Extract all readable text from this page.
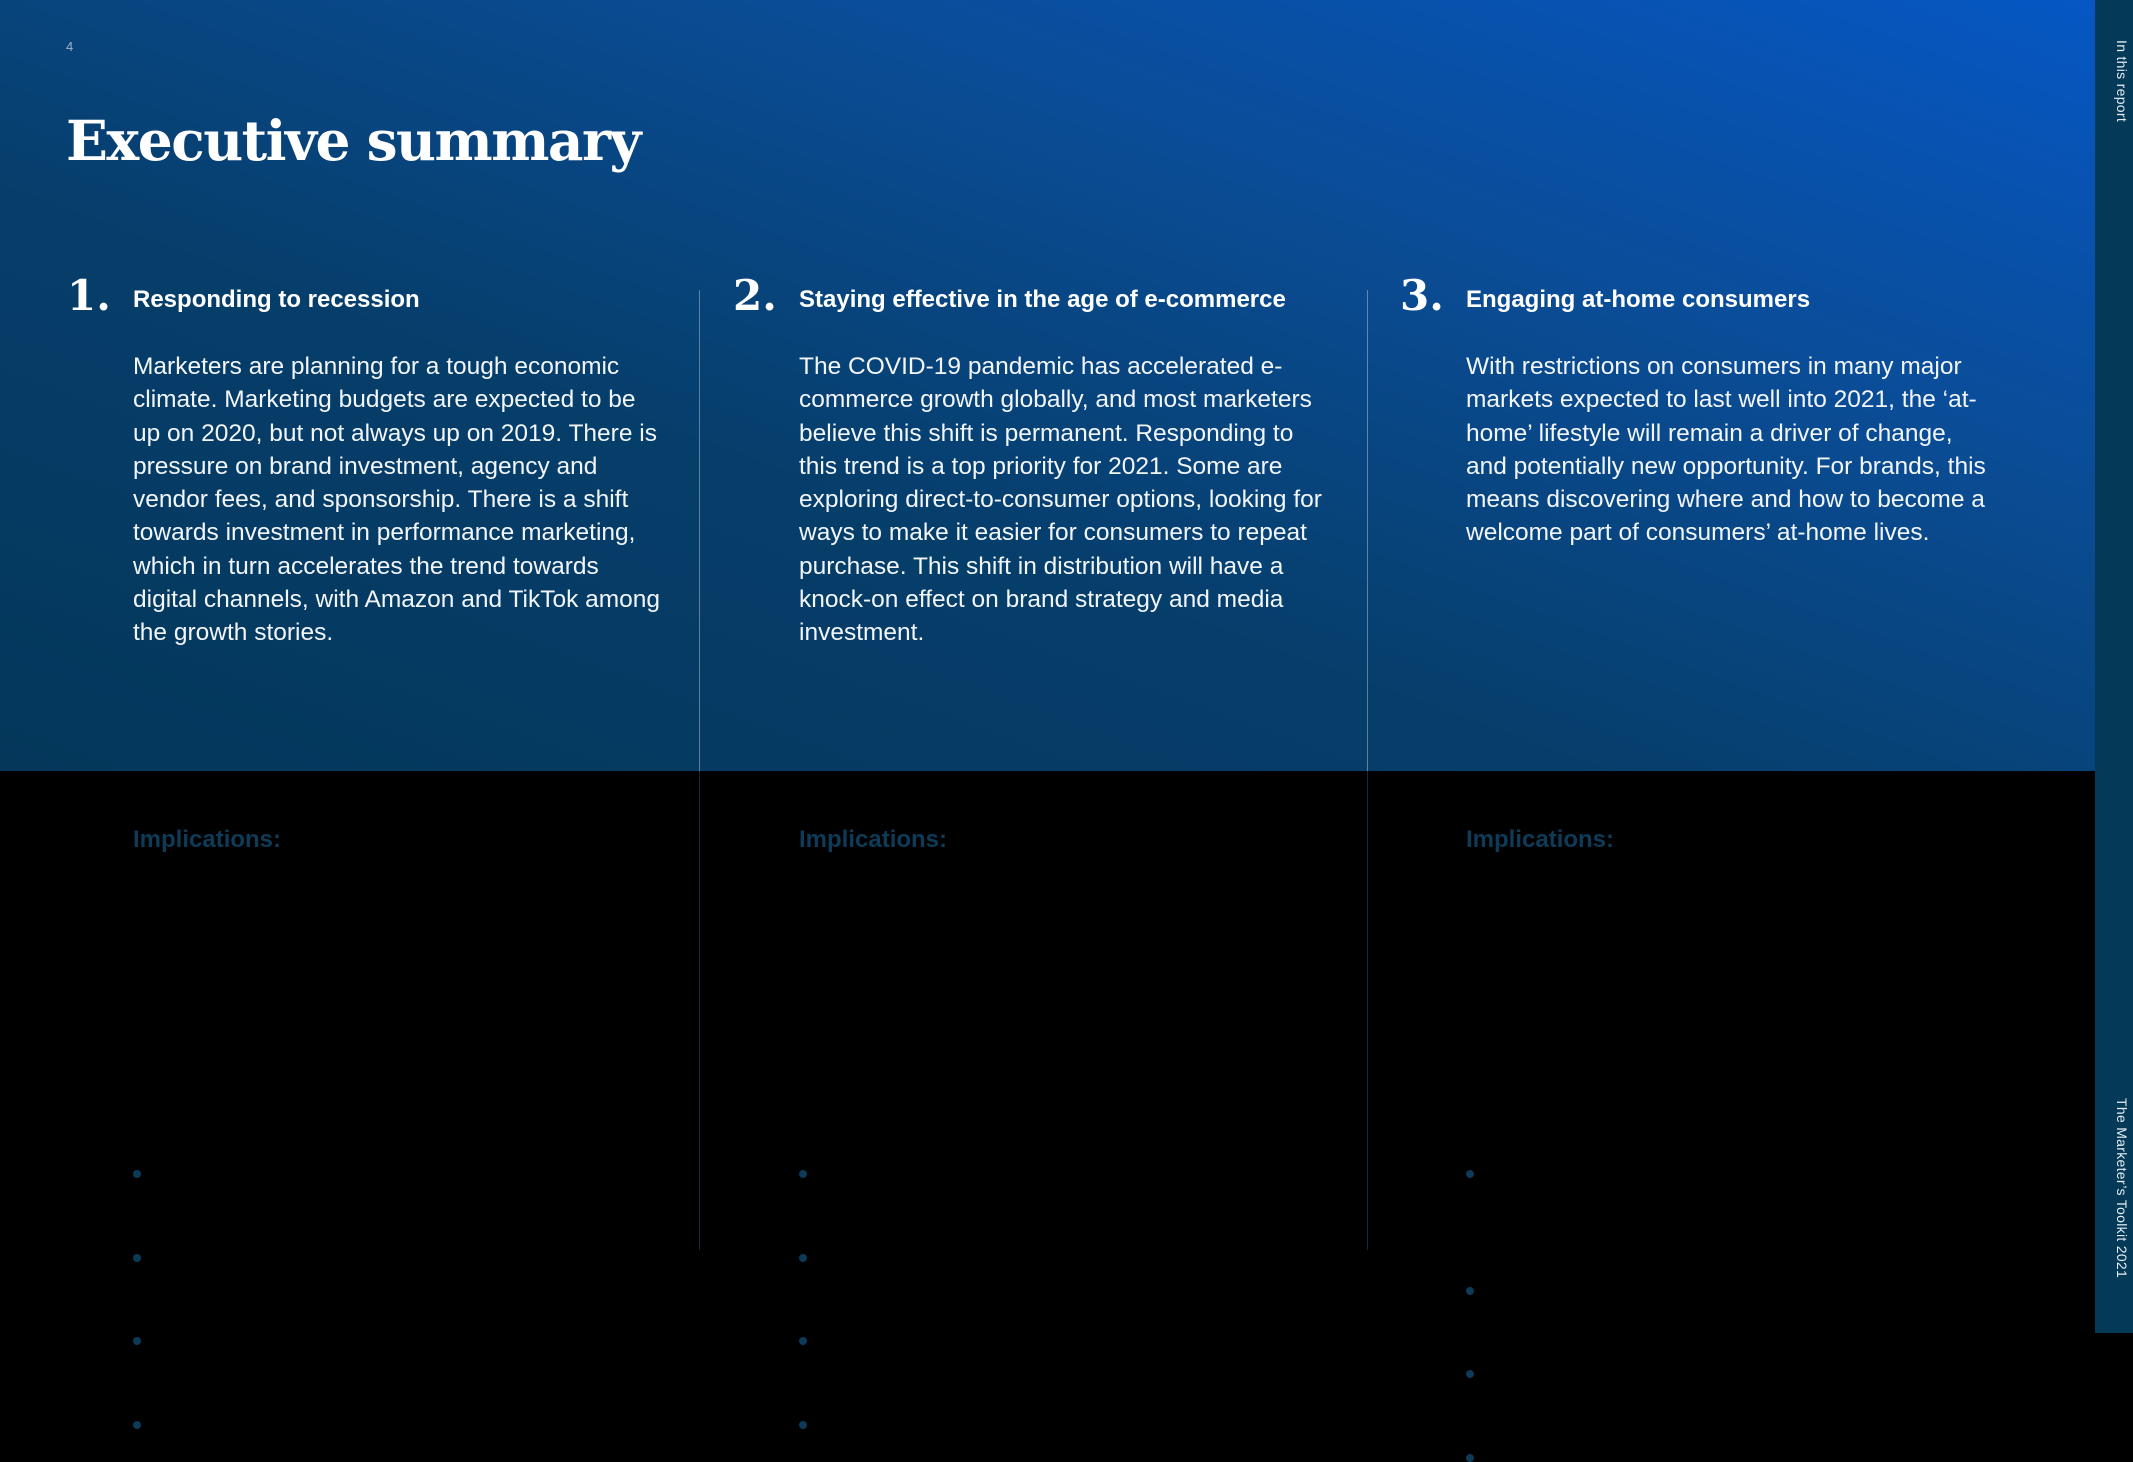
In this report
The Marketer’s Toolkit 2021
4
Executive summary
1. Responding to recession

Marketers are planning for a tough economic climate. Marketing budgets are expected to be up on 2020, but not always up on 2019. There is pressure on brand investment, agency and vendor fees, and sponsorship. There is a shift towards investment in performance marketing, which in turn accelerates the trend towards digital channels, with Amazon and TikTok among the growth stories.

Implications:

2. Staying effective in the age of e-commerce

The COVID-19 pandemic has accelerated e-commerce growth globally, and most marketers believe this shift is permanent. Responding to this trend is a top priority for 2021. Some are exploring direct-to-consumer options, looking for ways to make it easier for consumers to repeat purchase. This shift in distribution will have a knock-on effect on brand strategy and media investment.

Implications:

3. Engaging at-home consumers

With restrictions on consumers in many major markets expected to last well into 2021, the ‘at-home’ lifestyle will remain a driver of change, and potentially new opportunity. For brands, this means discovering where and how to become a welcome part of consumers’ at-home lives.

Implications:
